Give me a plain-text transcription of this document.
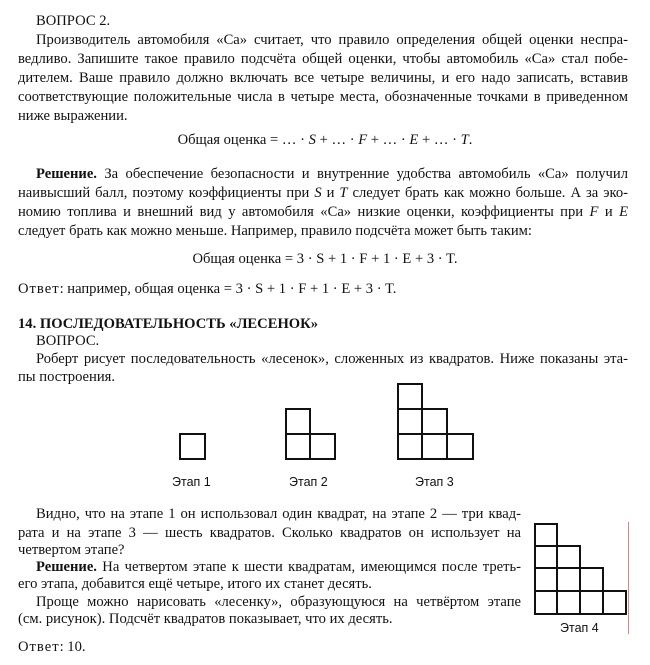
ВОПРОС 2.

Производитель автомобиля «Ca» считает, что правило определения общей оценки неспра-

ведливо. Запишите такое правило подсчёта общей оценки, чтобы автомобиль «Ca» стал побе-

дителем. Ваше правило должно включать все четыре величины, и его надо записать, вставив

соответствующие положительные числа в четыре места, обозначенные точками в приведенном

ниже выражении.

Общая оценка = … · S + … · F + … · E + … · T.

Решение. За обеспечение безопасности и внутренние удобства автомобиль «Ca» получил

наивысший балл, поэтому коэффициенты при S и T следует брать как можно больше. А за эко-

номию топлива и внешний вид у автомобиля «Ca» низкие оценки, коэффициенты при F и E

следует брать как можно меньше. Например, правило подсчёта может быть таким:

Общая оценка = 3 · S + 1 · F + 1 · E + 3 · T.

Ответ: например, общая оценка = 3 · S + 1 · F + 1 · E + 3 · T.

14. ПОСЛЕДОВАТЕЛЬНОСТЬ «ЛЕСЕНОК»

ВОПРОС.

Роберт рисует последовательность «лесенок», сложенных из квадратов. Ниже показаны эта-

пы построения.

Этап 1	Этап 2	Этап 3
Этап 4

Видно, что на этапе 1 он использовал один квадрат, на этапе 2 — три квад-

рата и на этапе 3 — шесть квадратов. Сколько квадратов он использует на

четвертом этапе?

Решение. На четвертом этапе к шести квадратам, имеющимся после треть-

его этапа, добавится ещё четыре, итого их станет десять.

Проще можно нарисовать «лесенку», образующуюся на четвёртом этапе

(см. рисунок). Подсчёт квадратов показывает, что их десять.

Ответ: 10.
